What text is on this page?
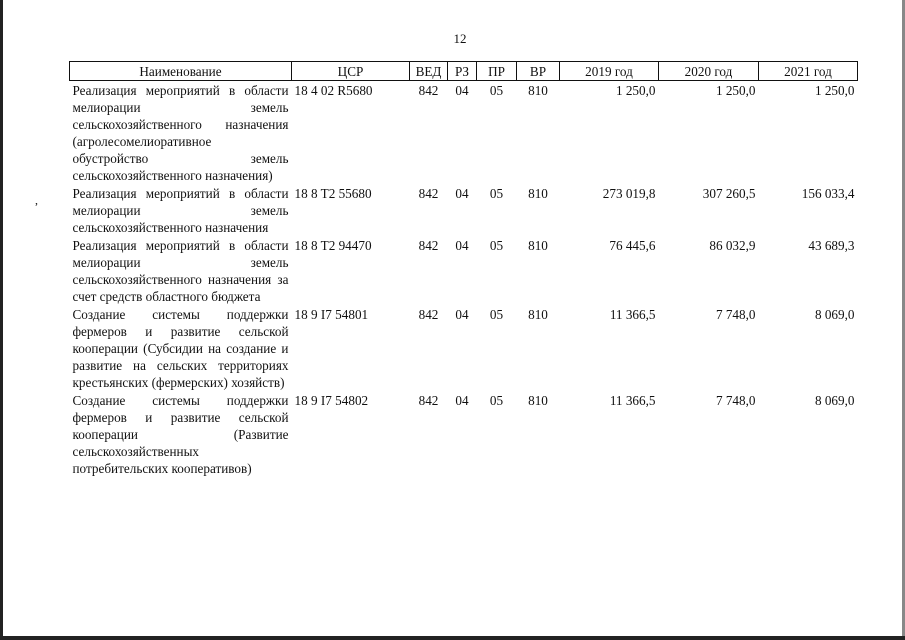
12
,
Наименование	ЦСР	ВЕД	РЗ	ПР	ВР	2019 год	2020 год	2021 год
Реализация мероприятий в области мелиорации земель сельскохозяйственного назначения (агролесомелиоративное обустройство земель сельскохозяйственного назначения)	18 4 02 R5680	842	04	05	810	1 250,0	1 250,0	1 250,0
Реализация мероприятий в области мелиорации земель сельскохозяйственного назначения	18 8 T2 55680	842	04	05	810	273 019,8	307 260,5	156 033,4
Реализация мероприятий в области мелиорации земель сельскохозяйственного назначения за счет средств областного бюджета	18 8 T2 94470	842	04	05	810	76 445,6	86 032,9	43 689,3
Создание системы поддержки фермеров и развитие сельской кооперации (Субсидии на создание и развитие на сельских территориях крестьянских (фермерских) хозяйств)	18 9 I7 54801	842	04	05	810	11 366,5	7 748,0	8 069,0
Создание системы поддержки фермеров и развитие сельской кооперации (Развитие сельскохозяйственных потребительских кооперативов)	18 9 I7 54802	842	04	05	810	11 366,5	7 748,0	8 069,0
